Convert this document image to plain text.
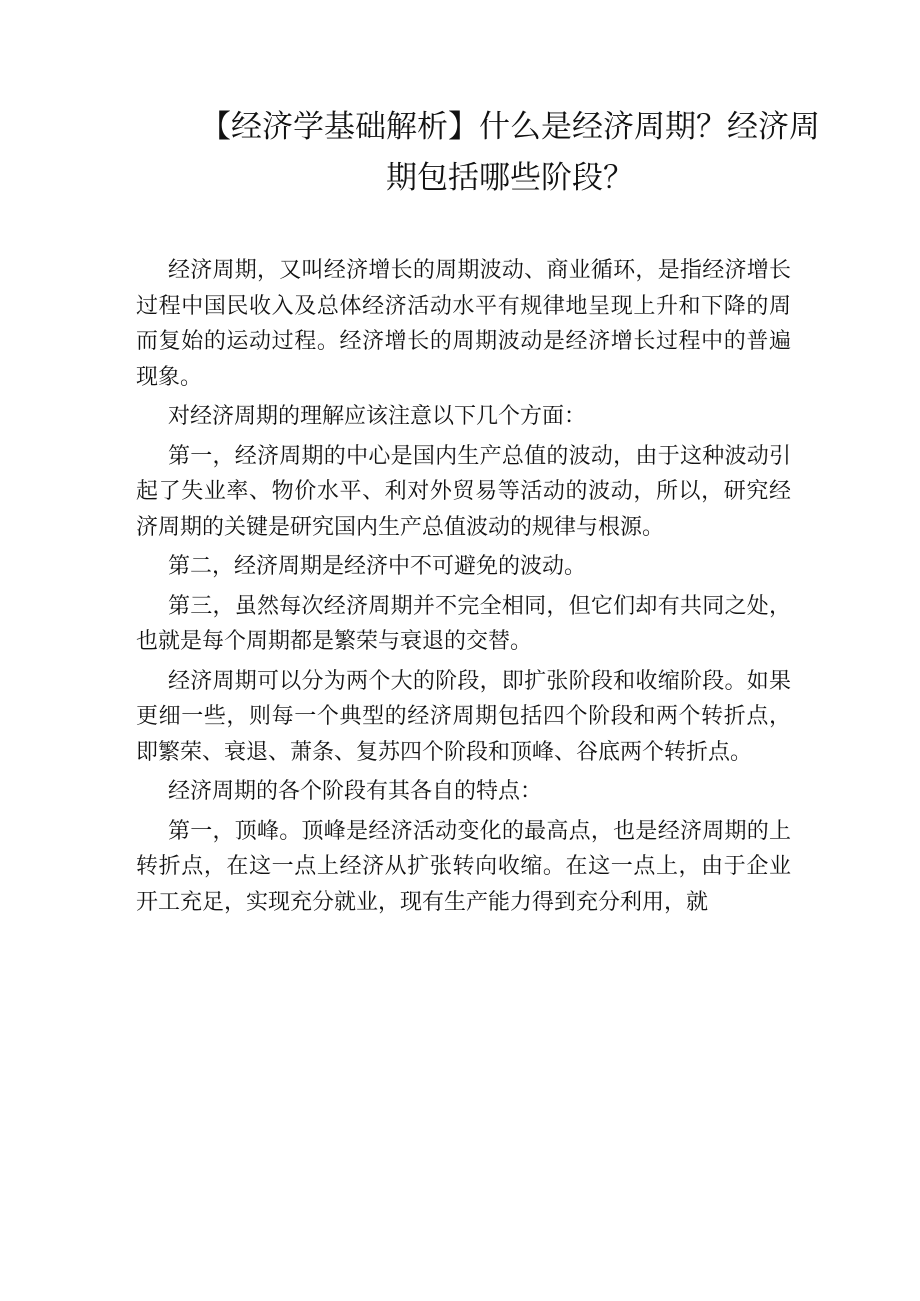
【经济学基础解析】什么是经济周期？经济周期包括哪些阶段？

经济周期，又叫经济增长的周期波动、商业循环，是指经济增长过程中国民收入及总体经济活动水平有规律地呈现上升和下降的周而复始的运动过程。经济增长的周期波动是经济增长过程中的普遍现象。

对经济周期的理解应该注意以下几个方面：

第一，经济周期的中心是国内生产总值的波动，由于这种波动引起了失业率、物价水平、利对外贸易等活动的波动，所以，研究经济周期的关键是研究国内生产总值波动的规律与根源。

第二，经济周期是经济中不可避免的波动。

第三，虽然每次经济周期并不完全相同，但它们却有共同之处，也就是每个周期都是繁荣与衰退的交替。

经济周期可以分为两个大的阶段，即扩张阶段和收缩阶段。如果更细一些，则每一个典型的经济周期包括四个阶段和两个转折点，即繁荣、衰退、萧条、复苏四个阶段和顶峰、谷底两个转折点。

经济周期的各个阶段有其各自的特点：

第一，顶峰。顶峰是经济活动变化的最高点，也是经济周期的上转折点，在这一点上经济从扩张转向收缩。在这一点上，由于企业开工充足，实现充分就业，现有生产能力得到充分利用，就
